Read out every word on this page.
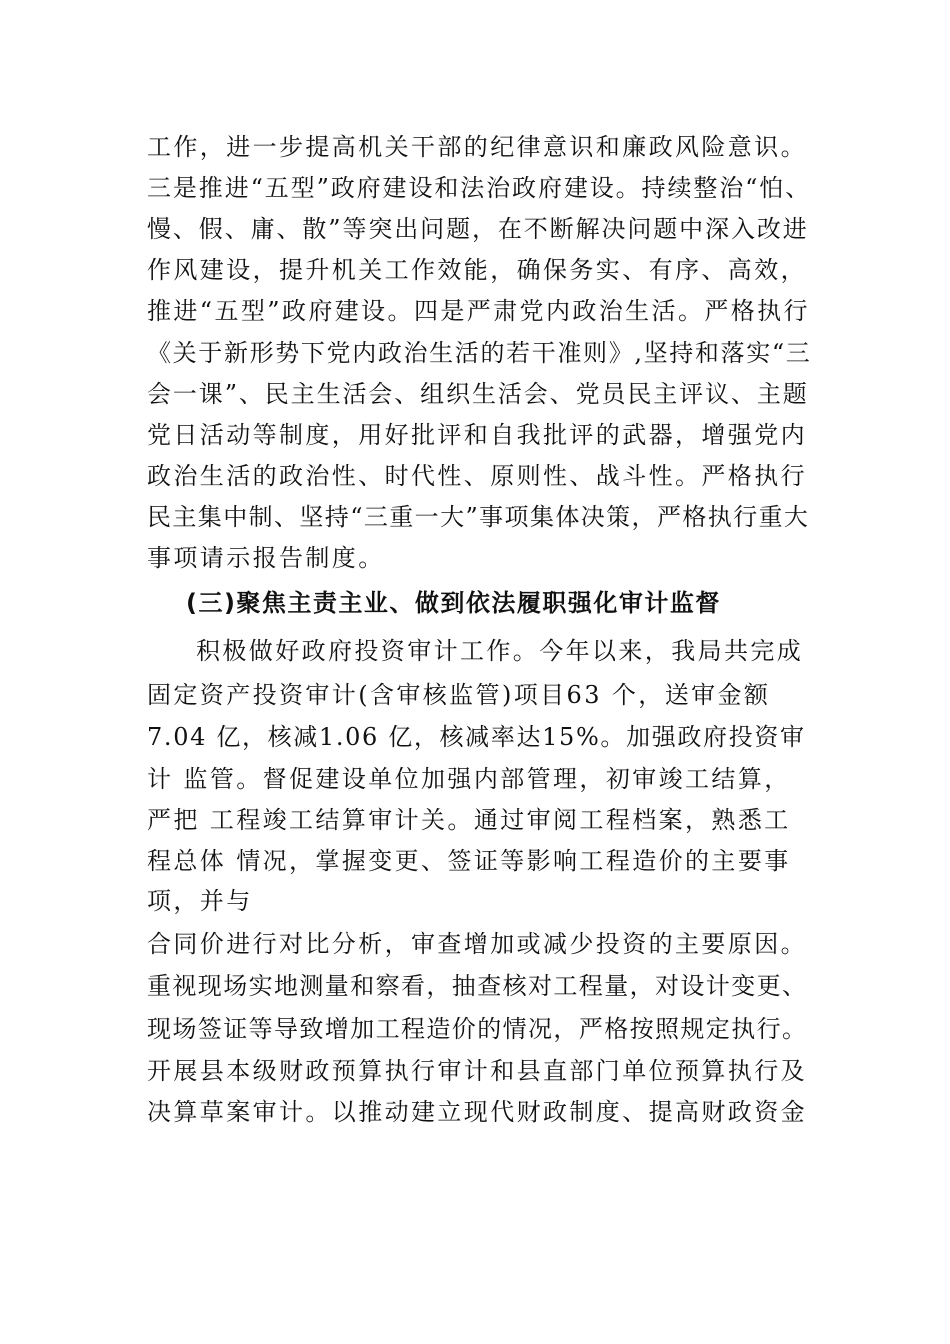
工作，进一步提高机关干部的纪律意识和廉政风险意识。
三是推进“五型”政府建设和法治政府建设。持续整治“怕、
慢、假、庸、散”等突出问题，在不断解决问题中深入改进
作风建设，提升机关工作效能，确保务实、有序、高效，
推进“五型”政府建设。四是严肃党内政治生活。严格执行
《关于新形势下党内政治生活的若干准则》,坚持和落实“三
会一课”、民主生活会、组织生活会、党员民主评议、主题
党日活动等制度，用好批评和自我批评的武器，增强党内
政治生活的政治性、时代性、原则性、战斗性。严格执行
民主集中制、坚持“三重一大”事项集体决策，严格执行重大
事项请示报告制度。
(三)聚焦主责主业、做到依法履职强化审计监督
积极做好政府投资审计工作。今年以来，我局共完成
固定资产投资审计(含审核监管)项目63 个，送审金额
7.04 亿，核减1.06 亿，核减率达15%。加强政府投资审
计 监管。督促建设单位加强内部管理，初审竣工结算，
严把 工程竣工结算审计关。通过审阅工程档案，熟悉工
程总体 情况，掌握变更、签证等影响工程造价的主要事
项，并与
合同价进行对比分析，审查增加或减少投资的主要原因。
重视现场实地测量和察看，抽查核对工程量，对设计变更、
现场签证等导致增加工程造价的情况，严格按照规定执行。
开展县本级财政预算执行审计和县直部门单位预算执行及
决算草案审计。以推动建立现代财政制度、提高财政资金
